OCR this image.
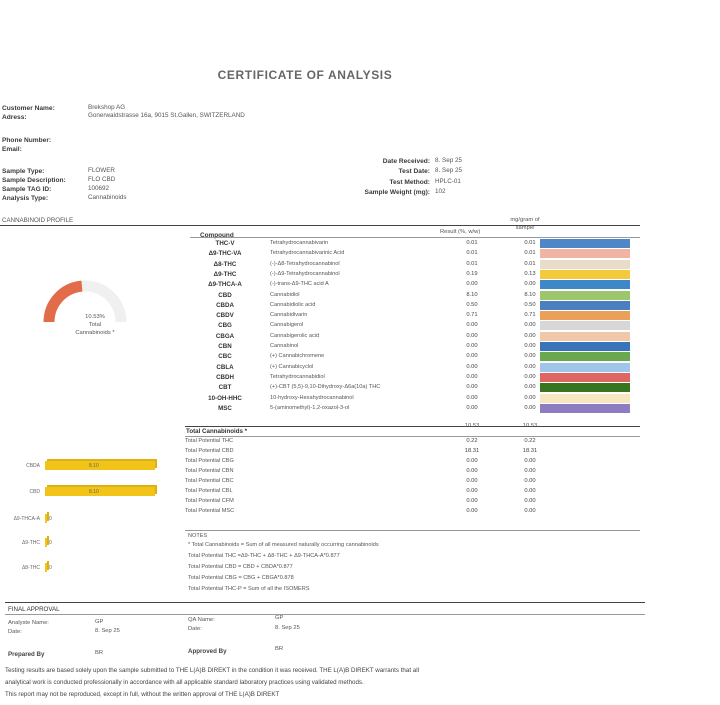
CERTIFICATE OF ANALYSIS
Customer Name:	Brekshop AG
Adress:	Gonerwaldstrasse 16a, 9015 St.Gallen, SWITZERLAND
Phone Number:
Email:
Sample Type:	FLOWER
Sample Description:	FLO CBD
Sample TAG ID:	100692
Analysis Type:	Cannabinoids
Date Received: 8. Sep 25
Test Date: 8. Sep 25
Test Method: HPLC-01
Sample Weight (mg): 102
CANNABINOID PROFILE
10.53%
Total
Cannabinoids *
Compound	Result (%, w/w)
mg/gram of
sample
THC-V	Tetrahydrocannabivarin	0.01	0.01
Δ9-THC-VA	Tetrahydrocannabivarinic Acid	0.01	0.01
Δ8-THC	(-)-Δ8-Tetrahydrocannabinol	0.01	0.01
Δ9-THC	(-)-Δ9-Tetrahydrocannabinol	0.19	0.13
Δ9-THCA-A	(-)-trans-Δ9-THC acid A	0.00	0.00
CBD	Cannabidiol	8.10	8.10
CBDA	Cannabidiolic acid	0.50	0.50
CBDV	Cannabidivarin	0.71	0.71
CBG	Cannabigerol	0.00	0.00
CBGA	Cannabigerolic acid	0.00	0.00
CBN	Cannabinol	0.00	0.00
CBC	(+) Cannabichromene	0.00	0.00
CBLA	(+) Cannabicyclol	0.00	0.00
CBDH	Tetrahydrocannabidiol	0.00	0.00
CBT	(+)-CBT (5,5)-9,10-Dihydroxy-Δ6a(10a) THC	0.00	0.00
10-OH-HHC	10-hydroxy-Hexahydrocannabinol	0.00	0.00
MSC	5-(aminomethyl)-1,2-oxazol-3-ol	0.00	0.00
Total Cannabinoids *
10.53	10.53
Total Potential THC	0.22	0.22
Total Potential CBD	18.31	18.31
Total Potential CBG	0.00	0.00
Total Potential CBN	0.00	0.00
Total Potential CBC	0.00	0.00
Total Potential CBL	0.00	0.00
Total Potential CFM	0.00	0.00
Total Potential MSC	0.00	0.00
CBDA	8.10
CBD	8.10
Δ9-THCA-A 0
Δ9-THC 0
Δ8-THC 0
NOTES
* Total Cannabinoids = Sum of all measured naturally occurring cannabinoids
Total Potential THC =Δ9-THC + Δ8-THC + Δ9-THCA-A*0.877
Total Potential CBD = CBD + CBDA*0.877
Total Potential CBG = CBG + CBGA*0.878
Total Potential THC-P = Sum of all the ISOMERS
FINAL APPROVAL
Analyste Name:	GP
Date:	8. Sep 25
QA Name:	GP
Date:	8. Sep 25
Prepared By	BR	Approved By	BR
Testing results are based solely upon the sample submitted to THE L(A)B DIREKT in the condition it was received. THE L(A)B DIREKT warrants that all
analytical work is conducted professionally in accordance with all applicable standard laboratory practices using validated methods.
This report may not be reproduced, except in full, without the written approval of THE L(A)B DIREKT
